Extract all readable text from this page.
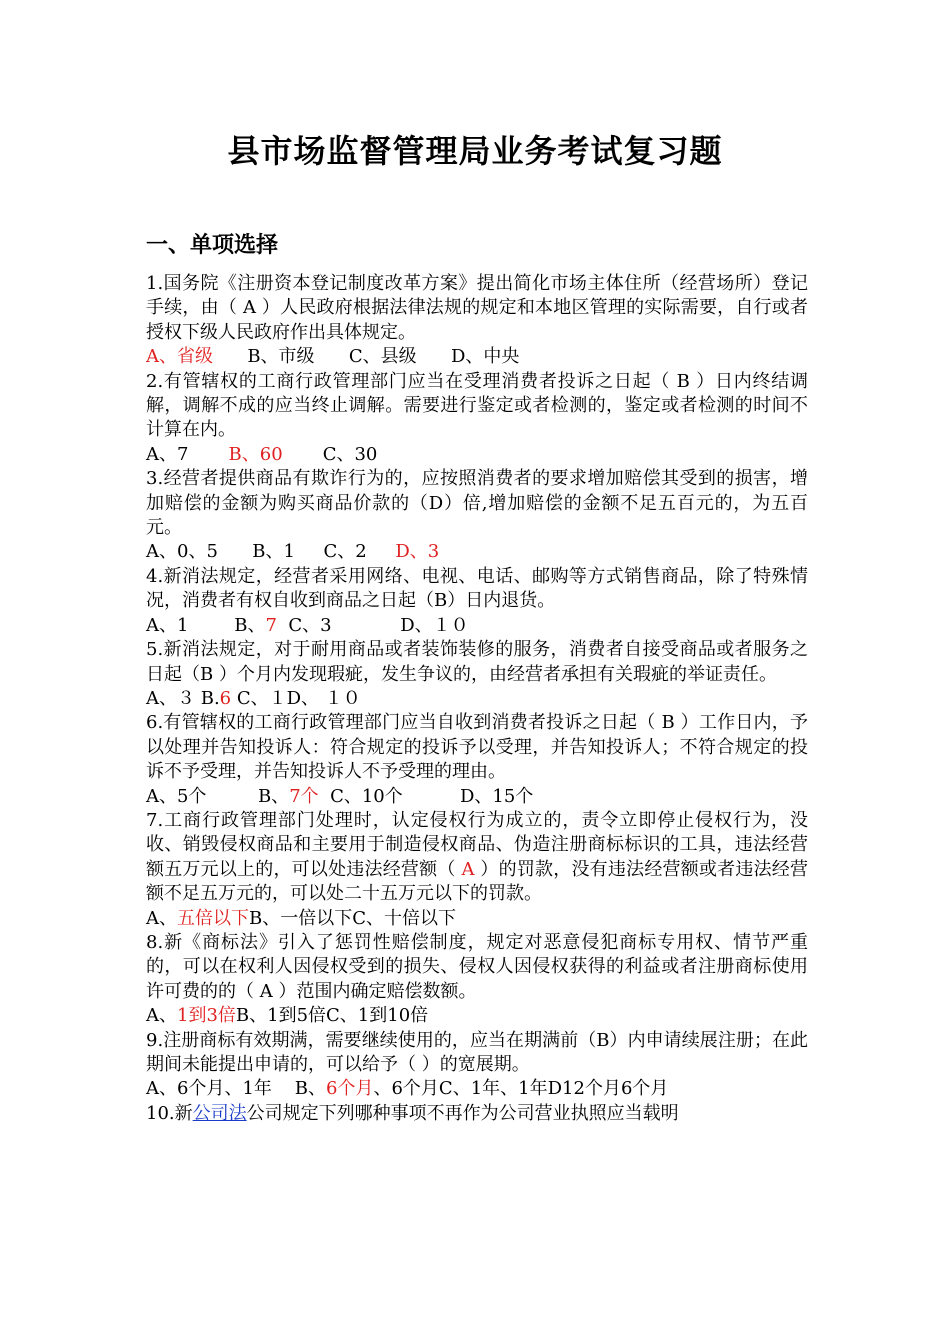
县市场监督管理局业务考试复习题
一、单项选择

1.国务院《注册资本登记制度改革方案》提出简化市场主体住所（经营场所）登记手续，由（ A ）人民政府根据法律法规的规定和本地区管理的实际需要，自行或者授权下级人民政府作出具体规定。

A、省级      B、市级      C、县级      D、中央

2.有管辖权的工商行政管理部门应当在受理消费者投诉之日起（ B ）日内终结调解，调解不成的应当终止调解。需要进行鉴定或者检测的，鉴定或者检测的时间不计算在内。

A、7       B、60       C、30

3.经营者提供商品有欺诈行为的，应按照消费者的要求增加赔偿其受到的损害，增加赔偿的金额为购买商品价款的（D）倍,增加赔偿的金额不足五百元的，为五百元。

A、0、5      B、1     C、2     D、3

4.新消法规定，经营者采用网络、电视、电话、邮购等方式销售商品，除了特殊情况，消费者有权自收到商品之日起（B）日内退货。

A、1        B、7  C、3            D、１０

5.新消法规定，对于耐用商品或者装饰装修的服务，消费者自接受商品或者服务之日起（B ）个月内发现瑕疵，发生争议的，由经营者承担有关瑕疵的举证责任。

A、３ B.6 C、１D、 １０

6.有管辖权的工商行政管理部门应当自收到消费者投诉之日起（ B ）工作日内，予以处理并告知投诉人：符合规定的投诉予以受理，并告知投诉人；不符合规定的投诉不予受理，并告知投诉人不予受理的理由。

A、5个         B、7个  C、10个          D、15个

7.工商行政管理部门处理时，认定侵权行为成立的，责令立即停止侵权行为，没收、销毁侵权商品和主要用于制造侵权商品、伪造注册商标标识的工具，违法经营额五万元以上的，可以处违法经营额（ A ）的罚款，没有违法经营额或者违法经营额不足五万元的，可以处二十五万元以下的罚款。

A、五倍以下B、一倍以下C、十倍以下

8.新《商标法》引入了惩罚性赔偿制度，规定对恶意侵犯商标专用权、情节严重的，可以在权利人因侵权受到的损失、侵权人因侵权获得的利益或者注册商标使用许可费的的（ A ）范围内确定赔偿数额。

A、1到3倍B、1到5倍C、1到10倍

9.注册商标有效期满，需要继续使用的，应当在期满前（B）内申请续展注册；在此期间未能提出申请的，可以给予（ ）的宽展期。

A、6个月、1年    B、6个月、6个月C、1年、1年D12个月6个月

10.新公司法公司规定下列哪种事项不再作为公司营业执照应当载明
